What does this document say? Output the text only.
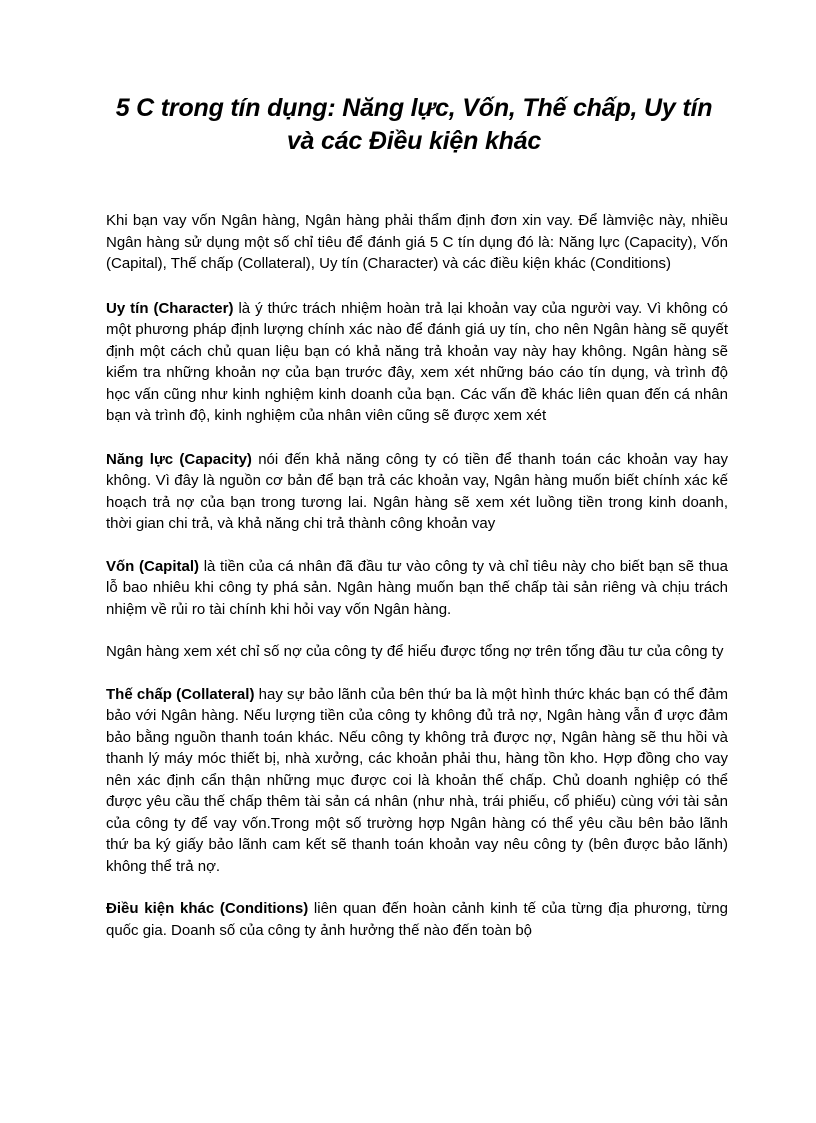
5 C trong tín dụng: Năng lực, Vốn, Thế chấp, Uy tín và các Điều kiện khác

Khi bạn vay vốn Ngân hàng, Ngân hàng phải thẩm định đơn xin vay. Để làmviệc này, nhiều Ngân hàng sử dụng một số chỉ tiêu để đánh giá 5 C tín dụng đó là: Năng lực (Capacity), Vốn (Capital), Thế chấp (Collateral), Uy tín (Character) và các điều kiện khác (Conditions)

Uy tín (Character) là ý thức trách nhiệm hoàn trả lại khoản vay của người vay. Vì không có một phương pháp định lượng chính xác nào để đánh giá uy tín, cho nên Ngân hàng sẽ quyết định một cách chủ quan liệu bạn có khả năng trả khoản vay này hay không. Ngân hàng sẽ kiểm tra những khoản nợ của bạn trước đây, xem xét những báo cáo tín dụng, và trình độ học vấn cũng như kinh nghiệm kinh doanh của bạn. Các vấn đề khác liên quan đến cá nhân bạn và trình độ, kinh nghiệm của nhân viên cũng sẽ được xem xét

Năng lực (Capacity) nói đến khả năng công ty có tiền để thanh toán các khoản vay hay không. Vì đây là nguồn cơ bản để bạn trả các khoản vay, Ngân hàng muốn biết chính xác kế hoạch trả nợ của bạn trong tương lai. Ngân hàng sẽ xem xét luồng tiền trong kinh doanh, thời gian chi trả, và khả năng chi trả thành công khoản vay

Vốn (Capital) là tiền của cá nhân đã đầu tư vào công ty và chỉ tiêu này cho biết bạn sẽ thua lỗ bao nhiêu khi công ty phá sản. Ngân hàng muốn bạn thế chấp tài sản riêng và chịu trách nhiệm về rủi ro tài chính khi hỏi vay vốn Ngân hàng.

Ngân hàng xem xét chỉ số nợ của công ty để hiểu được tổng nợ trên tổng đầu tư của công ty

Thế chấp (Collateral) hay sự bảo lãnh của bên thứ ba là một hình thức khác bạn có thể đảm bảo với Ngân hàng. Nếu lượng tiền của công ty không đủ trả nợ, Ngân hàng vẫn đ ược đảm bảo bằng nguồn thanh toán khác. Nếu công ty không trả được nợ, Ngân hàng sẽ thu hồi và thanh lý máy móc thiết bị, nhà xưởng, các khoản phải thu, hàng tồn kho. Hợp đồng cho vay nên xác định cẩn thận những mục được coi là khoản thế chấp. Chủ doanh nghiệp có thể được yêu cầu thế chấp thêm tài sản cá nhân (như nhà, trái phiếu, cổ phiếu) cùng với tài sản của công ty để vay vốn.Trong một số trường hợp Ngân hàng có thể yêu cầu bên bảo lãnh thứ ba ký giấy bảo lãnh cam kết sẽ thanh toán khoản vay nêu công ty (bên được bảo lãnh) không thể trả nợ.

Điều kiện khác (Conditions) liên quan đến hoàn cảnh kinh tế của từng địa phương, từng quốc gia. Doanh số của công ty ảnh hưởng thế nào đến toàn bộ
